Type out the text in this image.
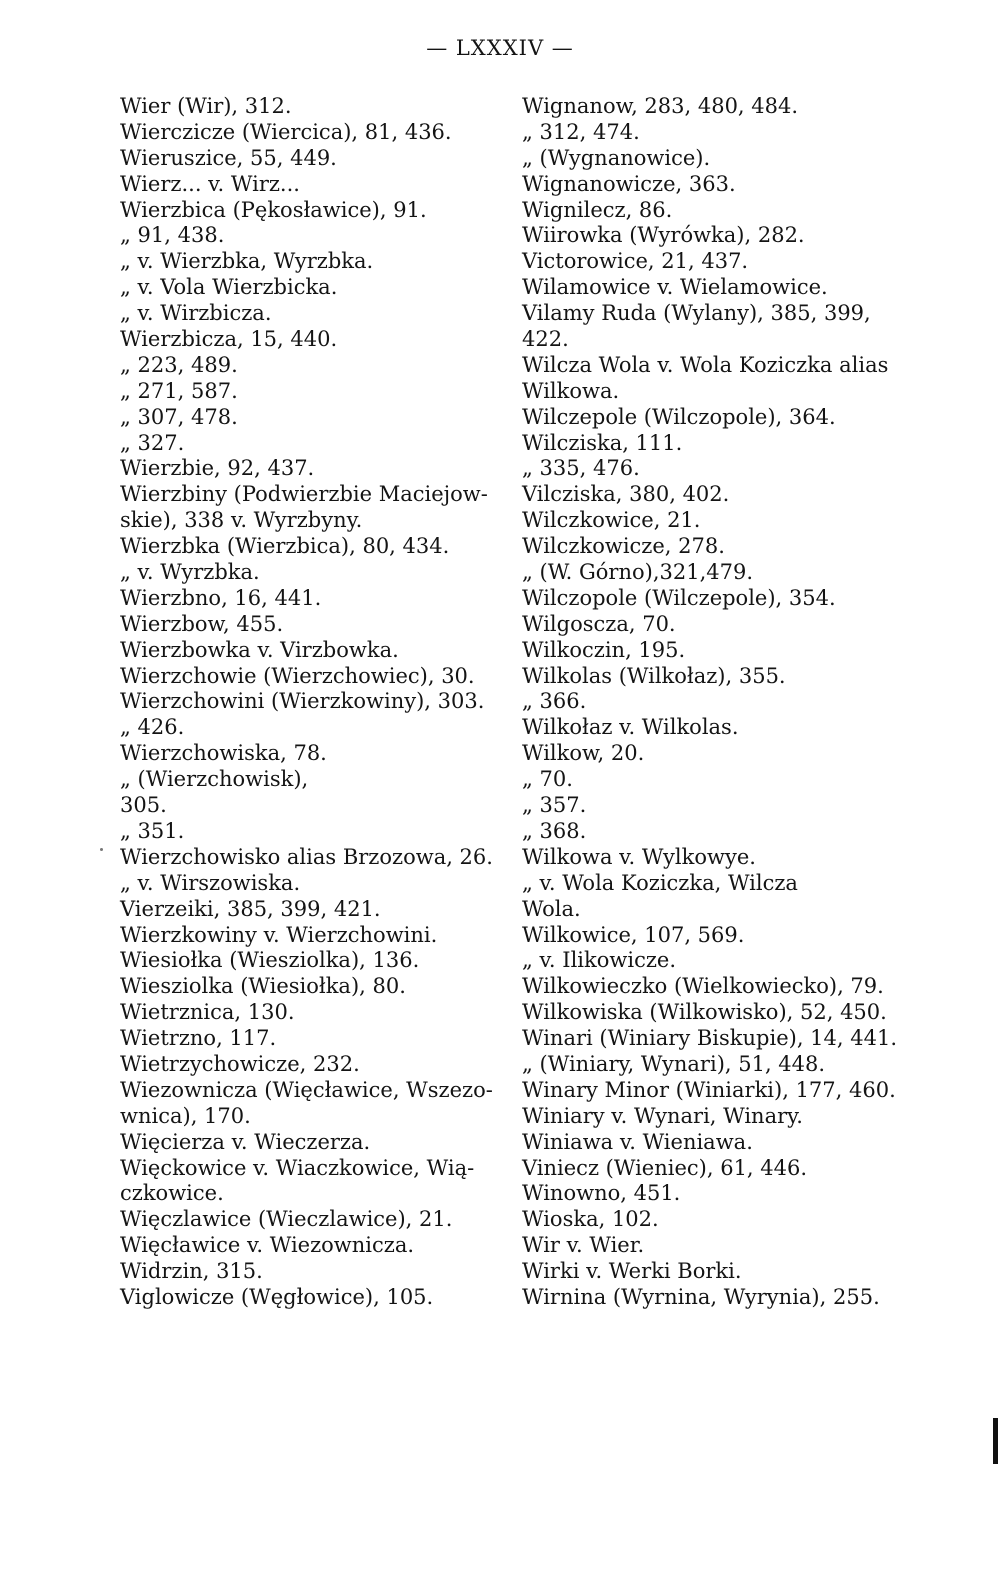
— LXXXIV —
Wier (Wir), 312.
Wierczicze (Wiercica), 81, 436.
Wieruszice, 55, 449.
Wierz... v. Wirz...
Wierzbica (Pękosławice), 91.
„ 91, 438.
„ v. Wierzbka, Wyrzbka.
„ v. Vola Wierzbicka.
„ v. Wirzbicza.
Wierzbicza, 15, 440.
„ 223, 489.
„ 271, 587.
„ 307, 478.
„ 327.
Wierzbie, 92, 437.
Wierzbiny (Podwierzbie Maciejow-
skie), 338 v. Wyrzbyny.
Wierzbka (Wierzbica), 80, 434.
„ v. Wyrzbka.
Wierzbno, 16, 441.
Wierzbow, 455.
Wierzbowka v. Virzbowka.
Wierzchowie (Wierzchowiec), 30.
Wierzchowini (Wierzkowiny), 303.
„ 426.
Wierzchowiska, 78.
„ (Wierzchowisk),
305.
„ 351.
Wierzchowisko alias Brzozowa, 26.
„ v. Wirszowiska.
Vierzeiki, 385, 399, 421.
Wierzkowiny v. Wierzchowini.
Wiesiołka (Wiesziolka), 136.
Wiesziolka (Wiesiołka), 80.
Wietrznica, 130.
Wietrzno, 117.
Wietrzychowicze, 232.
Wiezownicza (Więcławice, Wszezo-
wnica), 170.
Więcierza v. Wieczerza.
Więckowice v. Wiaczkowice, Wią-
czkowice.
Więczlawice (Wieczlawice), 21.
Więcławice v. Wiezownicza.
Widrzin, 315.
Viglowicze (Węgłowice), 105.
Wignanow, 283, 480, 484.
„ 312, 474.
„ (Wygnanowice).
Wignanowicze, 363.
Wignilecz, 86.
Wiirowka (Wyrówka), 282.
Victorowice, 21, 437.
Wilamowice v. Wielamowice.
Vilamy Ruda (Wylany), 385, 399,
422.
Wilcza Wola v. Wola Koziczka alias
Wilkowa.
Wilczepole (Wilczopole), 364.
Wilcziska, 111.
„ 335, 476.
Vilcziska, 380, 402.
Wilczkowice, 21.
Wilczkowicze, 278.
„ (W. Górno),321,479.
Wilczopole (Wilczepole), 354.
Wilgoscza, 70.
Wilkoczin, 195.
Wilkolas (Wilkołaz), 355.
„ 366.
Wilkołaz v. Wilkolas.
Wilkow, 20.
„ 70.
„ 357.
„ 368.
Wilkowa v. Wylkowye.
„ v. Wola Koziczka, Wilcza
Wola.
Wilkowice, 107, 569.
„ v. Ilikowicze.
Wilkowieczko (Wielkowiecko), 79.
Wilkowiska (Wilkowisko), 52, 450.
Winari (Winiary Biskupie), 14, 441.
„ (Winiary, Wynari), 51, 448.
Winary Minor (Winiarki), 177, 460.
Winiary v. Wynari, Winary.
Winiawa v. Wieniawa.
Viniecz (Wieniec), 61, 446.
Winowno, 451.
Wioska, 102.
Wir v. Wier.
Wirki v. Werki Borki.
Wirnina (Wyrnina, Wyrynia), 255.
